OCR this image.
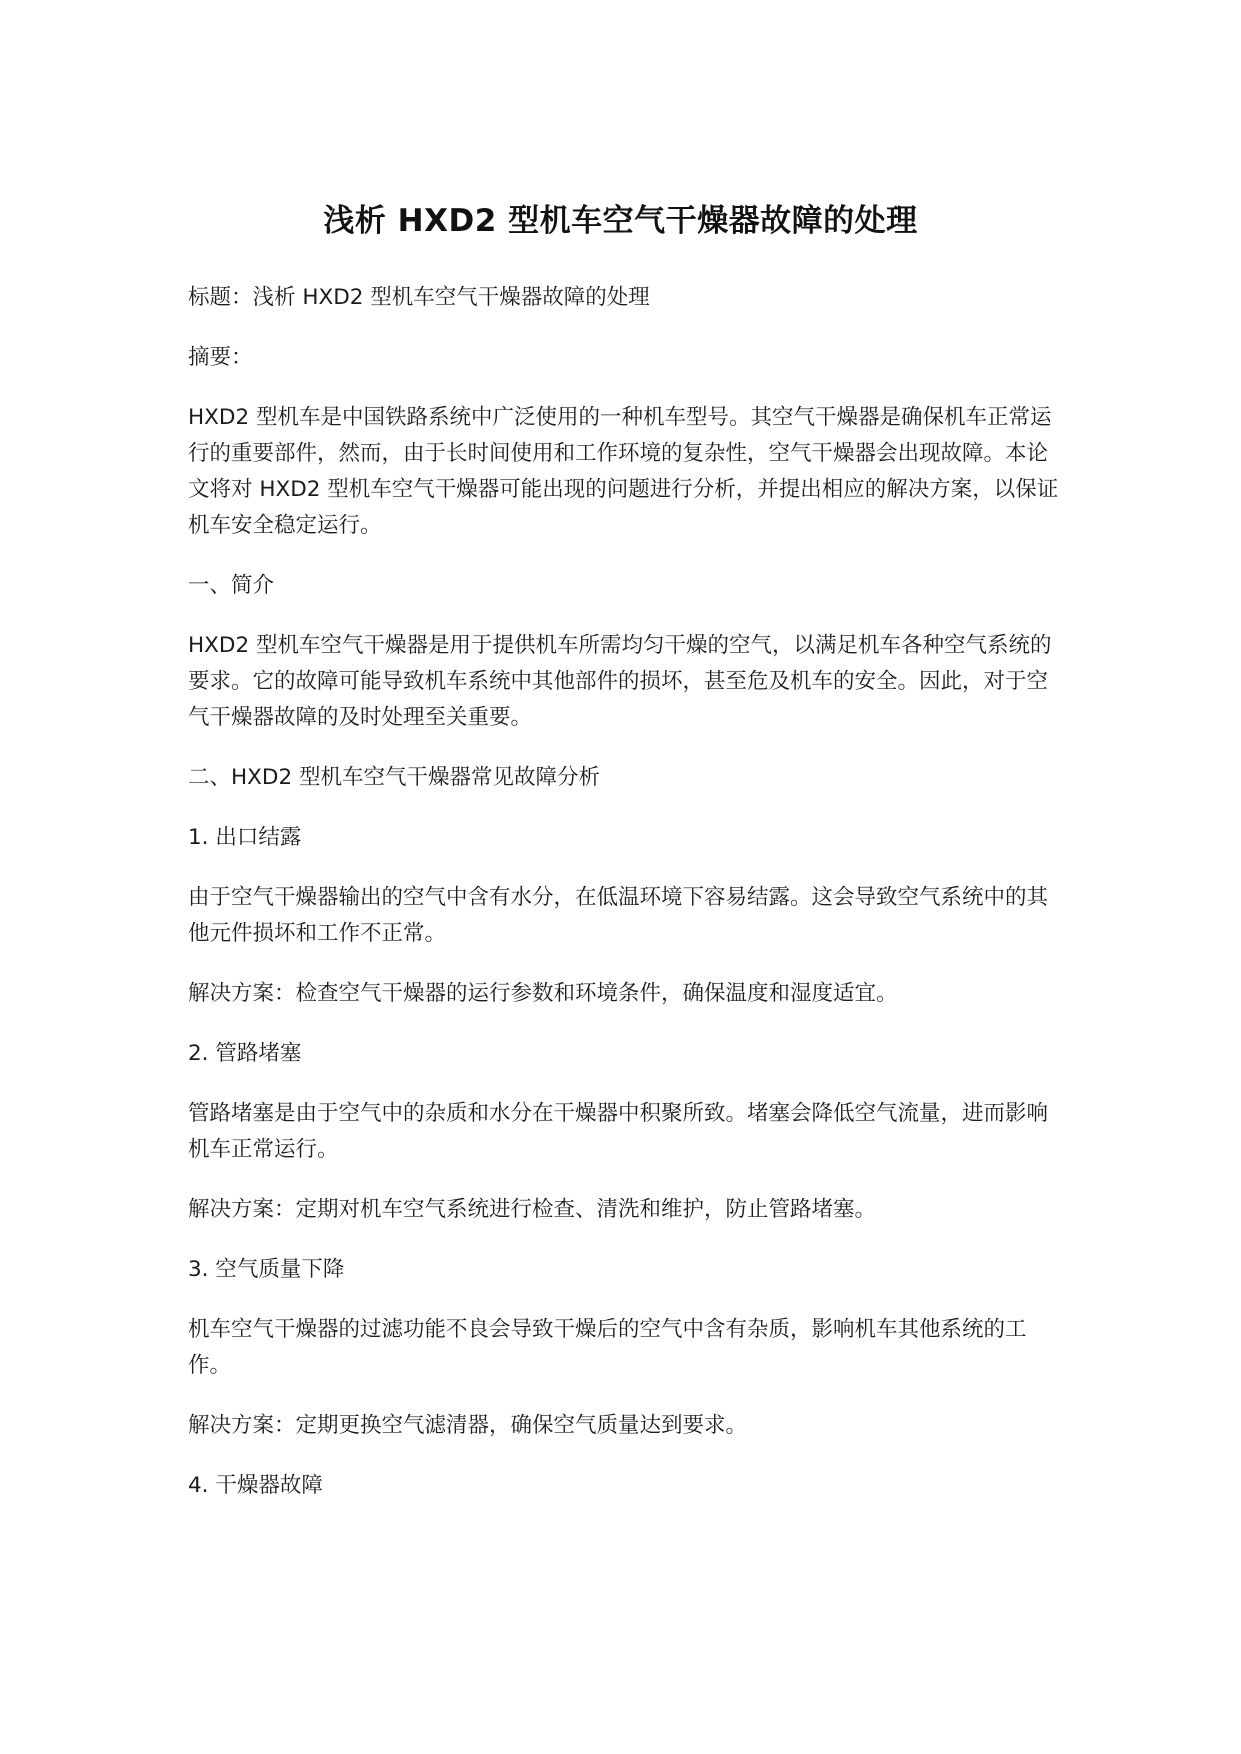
浅析 HXD2 型机车空气干燥器故障的处理

标题：浅析 HXD2 型机车空气干燥器故障的处理

摘要：

HXD2 型机车是中国铁路系统中广泛使用的一种机车型号。其空气干燥器是确保机车正常运行的重要部件，然而，由于长时间使用和工作环境的复杂性，空气干燥器会出现故障。本论文将对 HXD2 型机车空气干燥器可能出现的问题进行分析，并提出相应的解决方案，以保证机车安全稳定运行。

一、简介

HXD2 型机车空气干燥器是用于提供机车所需均匀干燥的空气，以满足机车各种空气系统的要求。它的故障可能导致机车系统中其他部件的损坏，甚至危及机车的安全。因此，对于空气干燥器故障的及时处理至关重要。

二、HXD2 型机车空气干燥器常见故障分析

1. 出口结露

由于空气干燥器输出的空气中含有水分，在低温环境下容易结露。这会导致空气系统中的其他元件损坏和工作不正常。

解决方案：检查空气干燥器的运行参数和环境条件，确保温度和湿度适宜。

2. 管路堵塞

管路堵塞是由于空气中的杂质和水分在干燥器中积聚所致。堵塞会降低空气流量，进而影响机车正常运行。

解决方案：定期对机车空气系统进行检查、清洗和维护，防止管路堵塞。

3. 空气质量下降

机车空气干燥器的过滤功能不良会导致干燥后的空气中含有杂质，影响机车其他系统的工作。

解决方案：定期更换空气滤清器，确保空气质量达到要求。

4. 干燥器故障
